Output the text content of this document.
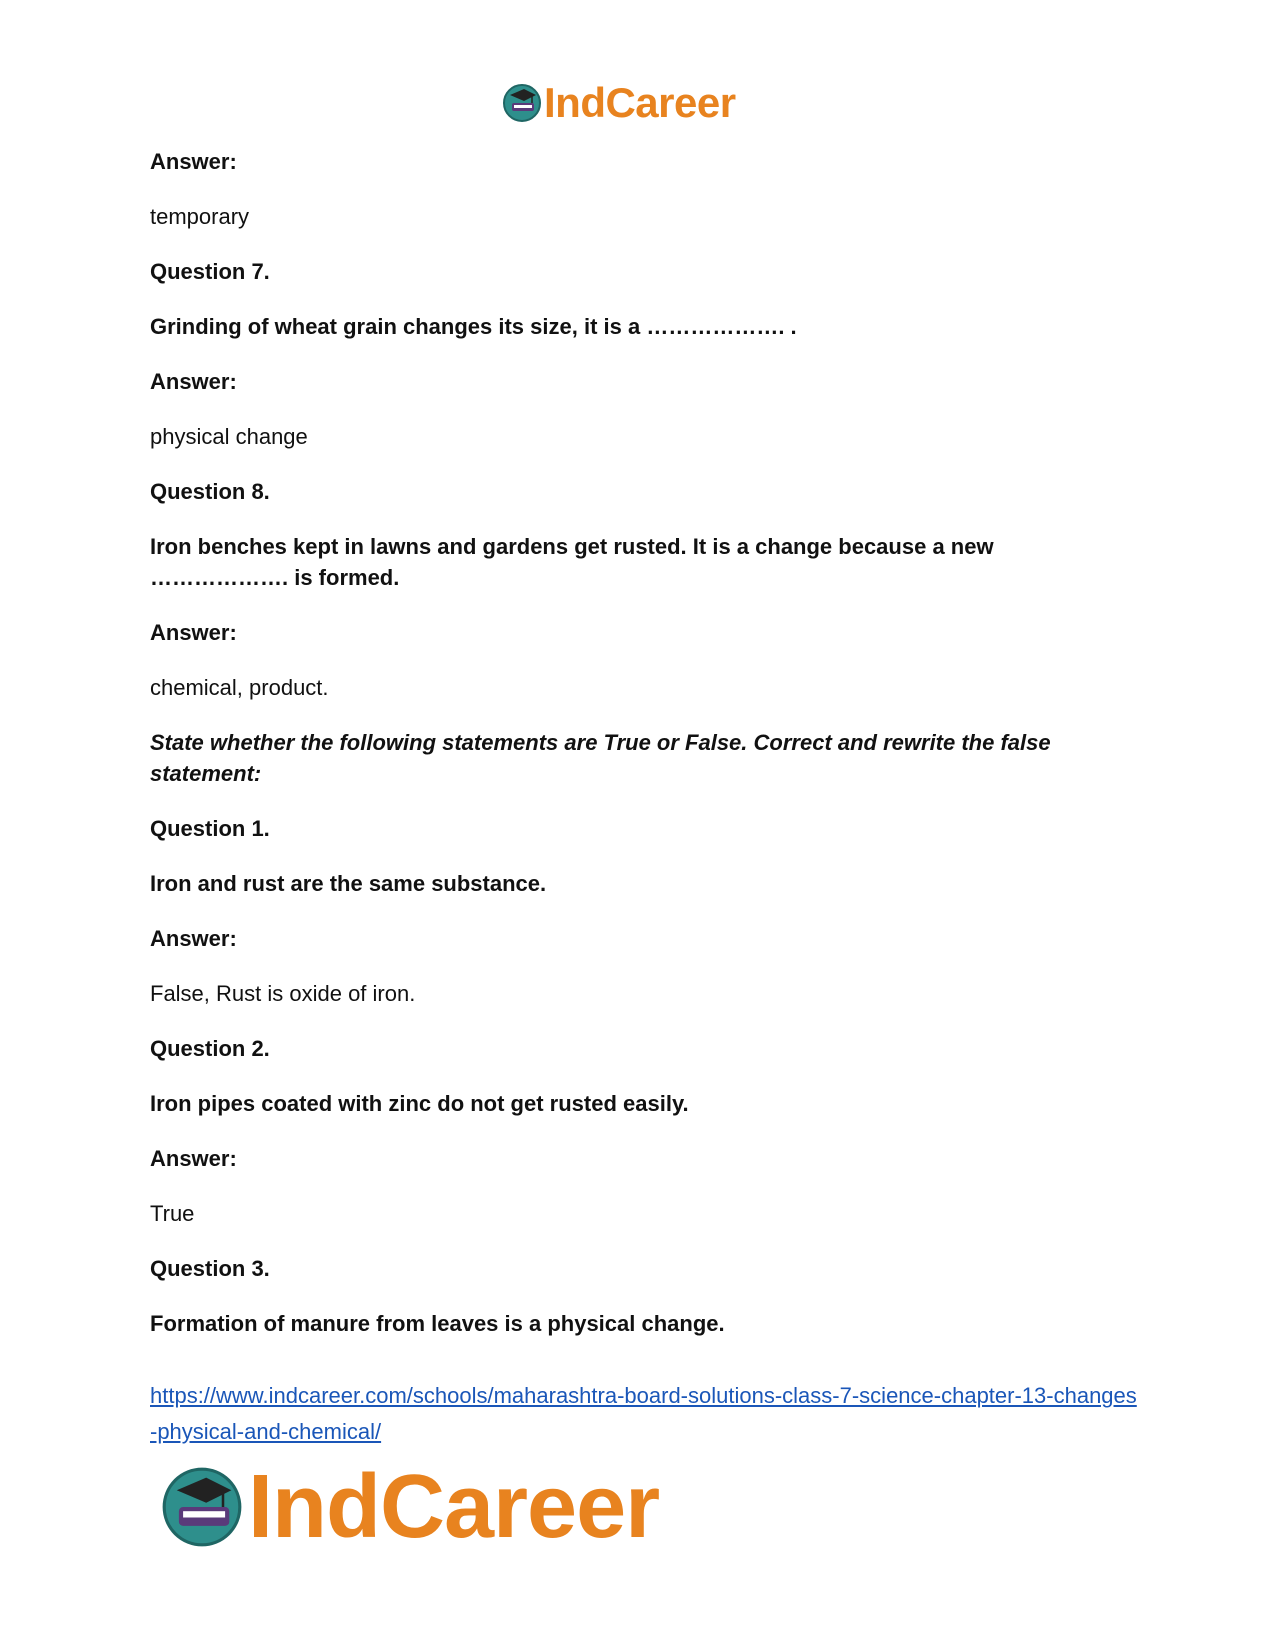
IndCareer

Answer:

temporary

Question 7.

Grinding of wheat grain changes its size, it is a ………………. .

Answer:

physical change

Question 8.

Iron benches kept in lawns and gardens get rusted. It is a change because a new ………………. is formed.

Answer:

chemical, product.

State whether the following statements are True or False. Correct and rewrite the false statement:

Question 1.

Iron and rust are the same substance.

Answer:

False, Rust is oxide of iron.

Question 2.

Iron pipes coated with zinc do not get rusted easily.

Answer:

True

Question 3.

Formation of manure from leaves is a physical change.

https://www.indcareer.com/schools/maharashtra-board-solutions-class-7-science-chapter-13-changes-physical-and-chemical/
IndCareer
